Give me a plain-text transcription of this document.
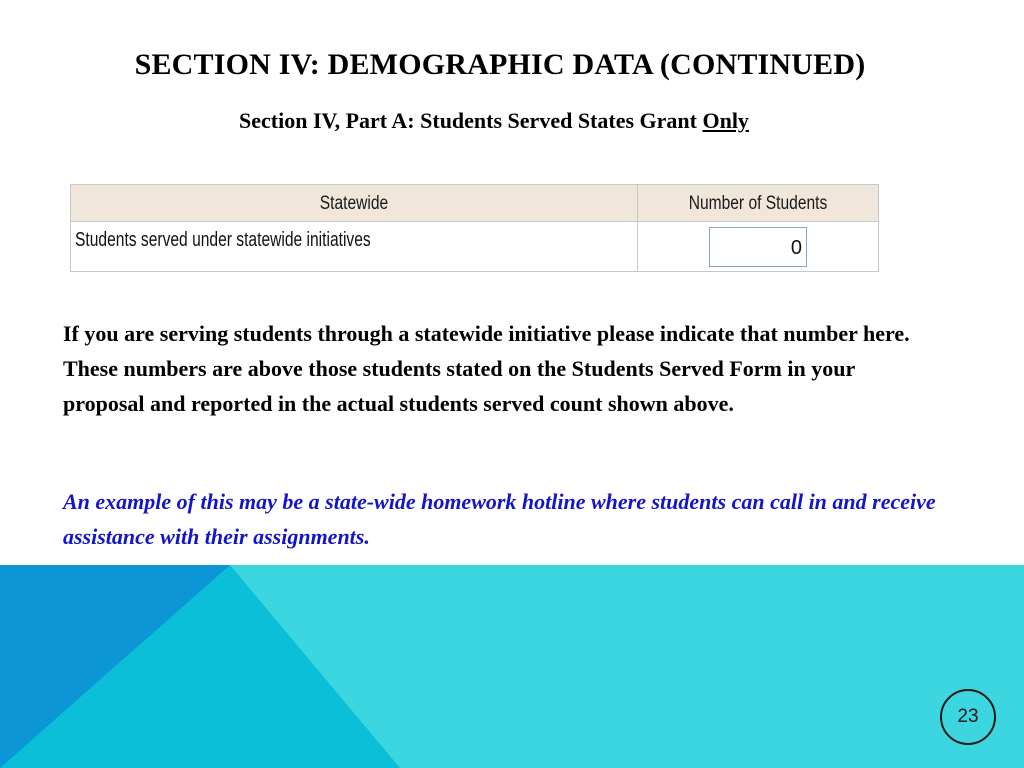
SECTION IV: DEMOGRAPHIC DATA (CONTINUED)
Section IV, Part A: Students Served States Grant Only
Statewide	Number of Students
Students served under statewide initiatives	0
If you are serving students through a statewide initiative please indicate that number here. These numbers are above those students stated on the Students Served Form in your proposal and reported in the actual students served count shown above.
An example of this may be a state-wide homework hotline where students can call in and receive assistance with their assignments.
23
